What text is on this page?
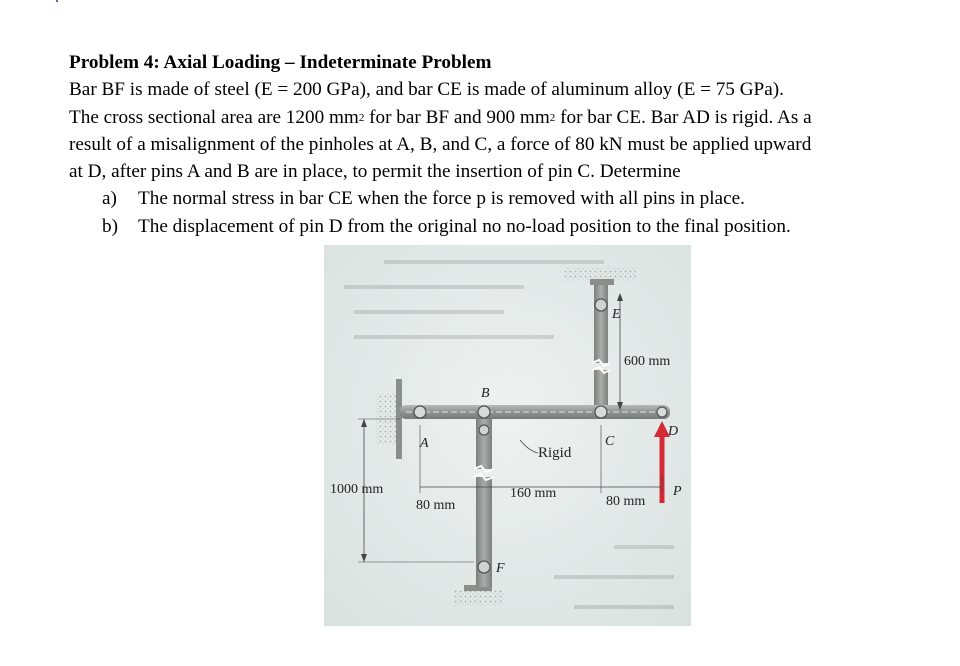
Problem 4: Axial Loading – Indeterminate Problem
Bar BF is made of steel (E = 200 GPa), and bar CE is made of aluminum alloy (E = 75 GPa).
The cross sectional area are 1200 $mm^2$ for bar BF and 900 $mm^2$ for bar CE. Bar AD is rigid. As a
result of a misalignment of the pinholes at A, B, and C, a force of 80 kN must be applied upward
at D, after pins A and B are in place, to permit the insertion of pin C. Determine
a) The normal stress in bar CE when the force p is removed with all pins in place.
b) The displacement of pin D from the original no no-load position to the final position.
A
B
C
D
E
F
P
Rigid
600 mm
1000 mm
80 mm
160 mm
80 mm
